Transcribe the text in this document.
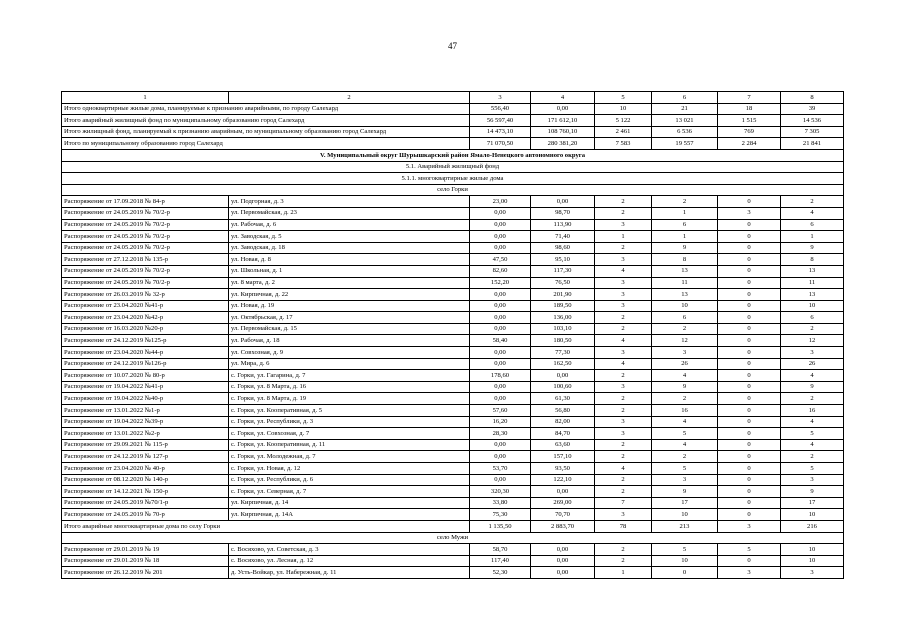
47
1	2	3	4	5	6	7	8
Итого одноквартирные жилые дома, планируемые к признанию аварийными, по городу Салехард		556,40	0,00	10	21	18	39
Итого аварийный жилищный фонд по муниципальному образованию город Салехард		56 597,40	171 612,10	5 122	13 021	1 515	14 536
Итого жилищный фонд, планируемый к признанию аварийным, по муниципальному образованию город Салехард		14 473,10	108 760,10	2 461	6 536	769	7 305
Итого по муниципальному образованию город Салехард		71 070,50	280 381,20	7 583	19 557	2 284	21 841
V. Муниципальный округ Шурышкарский район Ямало-Ненецкого автономного округа							
5.1. Аварийный жилищный фонд							
5.1.1. многоквартирные жилые дома							
село Горки							
Распоряжение от 17.09.2018 № 84-р	ул. Подгорная, д. 3	23,00	0,00	2	2	0	2
Распоряжение от 24.05.2019 № 70/2-р	ул. Первомайская, д. 23	0,00	98,70	2	1	3	4
Распоряжение от 24.05.2019 № 70/2-р	ул. Рабочая, д. 6	0,00	113,90	3	6	0	6
Распоряжение от 24.05.2019 № 70/2-р	ул. Заводская, д. 5	0,00	71,40	1	1	0	1
Распоряжение от 24.05.2019 № 70/2-р	ул. Заводская, д. 18	0,00	98,60	2	9	0	9
Распоряжение от 27.12.2018 № 135-р	ул. Новая, д. 8	47,50	95,10	3	8	0	8
Распоряжение от 24.05.2019 № 70/2-р	ул. Школьная, д. 1	82,60	117,30	4	13	0	13
Распоряжение от 24.05.2019 № 70/2-р	ул. 8 марта, д. 2	152,20	76,50	3	11	0	11
Распоряжение от 26.03.2019 № 32-р	ул. Кирпичная, д. 22	0,00	201,90	3	13	0	13
Распоряжение от 23.04.2020 №41-р	ул. Новая, д. 19	0,00	189,50	3	10	0	10
Распоряжение от 23.04.2020 №42-р	ул. Октябрьская, д. 17	0,00	136,00	2	6	0	6
Распоряжение от 16.03.2020 №20-р	ул. Первомайская, д. 15	0,00	103,10	2	2	0	2
Распоряжение от 24.12.2019 №125-р	ул. Рабочая, д. 18	58,40	180,50	4	12	0	12
Распоряжение от 23.04.2020 №44-р	ул. Совхозная, д. 9	0,00	77,30	3	3	0	3
Распоряжение от 24.12.2019 №126-р	ул. Мира, д. 6	0,00	162,50	4	26	0	26
Распоряжение от 10.07.2020 № 80-р	с. Горки, ул. Гагарина, д. 7	178,60	0,00	2	4	0	4
Распоряжение от 19.04.2022 №41-р	с. Горки, ул. 8 Марта, д. 16	0,00	100,60	3	9	0	9
Распоряжение от 19.04.2022 №40-р	с. Горки, ул. 8 Марта, д. 19	0,00	61,30	2	2	0	2
Распоряжение от 13.01.2022 №1-р	с. Горки, ул. Кооперативная, д. 5	57,60	56,80	2	16	0	16
Распоряжение от 19.04.2022 №39-р	с. Горки, ул. Республики, д. 3	16,20	82,00	3	4	0	4
Распоряжение от 13.01.2022 №2-р	с. Горки, ул. Совхозная, д. 7	28,30	84,70	3	5	0	5
Распоряжение от 29.09.2021 № 115-р	с. Горки, ул. Кооперативная, д. 11	0,00	63,60	2	4	0	4
Распоряжение от 24.12.2019 № 127-р	с. Горки, ул. Молодежная, д. 7	0,00	157,10	2	2	0	2
Распоряжение от 23.04.2020 № 40-р	с. Горки, ул. Новая, д. 12	53,70	93,50	4	5	0	5
Распоряжение от 08.12.2020 № 140-р	с. Горки, ул. Республики, д. 6	0,00	122,10	2	3	0	3
Распоряжение от 14.12.2021 № 150-р	с. Горки, ул. Северная, д. 7	320,30	0,00	2	9	0	9
Распоряжение от 24.05.2019 №70/1-р	ул. Кирпичная, д. 14	33,80	269,00	7	17	0	17
Распоряжение от 24.05.2019 № 70-р	ул. Кирпичная, д. 14А	75,30	70,70	3	10	0	10
Итого аварийные многоквартирные дома по селу Горки		1 135,50	2 883,70	78	213	3	216
село Мужи							
Распоряжение от 29.01.2019 № 19	с. Восяхово, ул. Советская, д. 3	58,70	0,00	2	5	5	10
Распоряжение от 29.01.2019 № 18	с. Восяхово, ул. Лесная, д. 12	117,40	0,00	2	10	0	10
Распоряжение от 26.12.2019 № 201	д. Усть-Войкар, ул. Набережная, д. 11	52,30	0,00	1	0	3	3
